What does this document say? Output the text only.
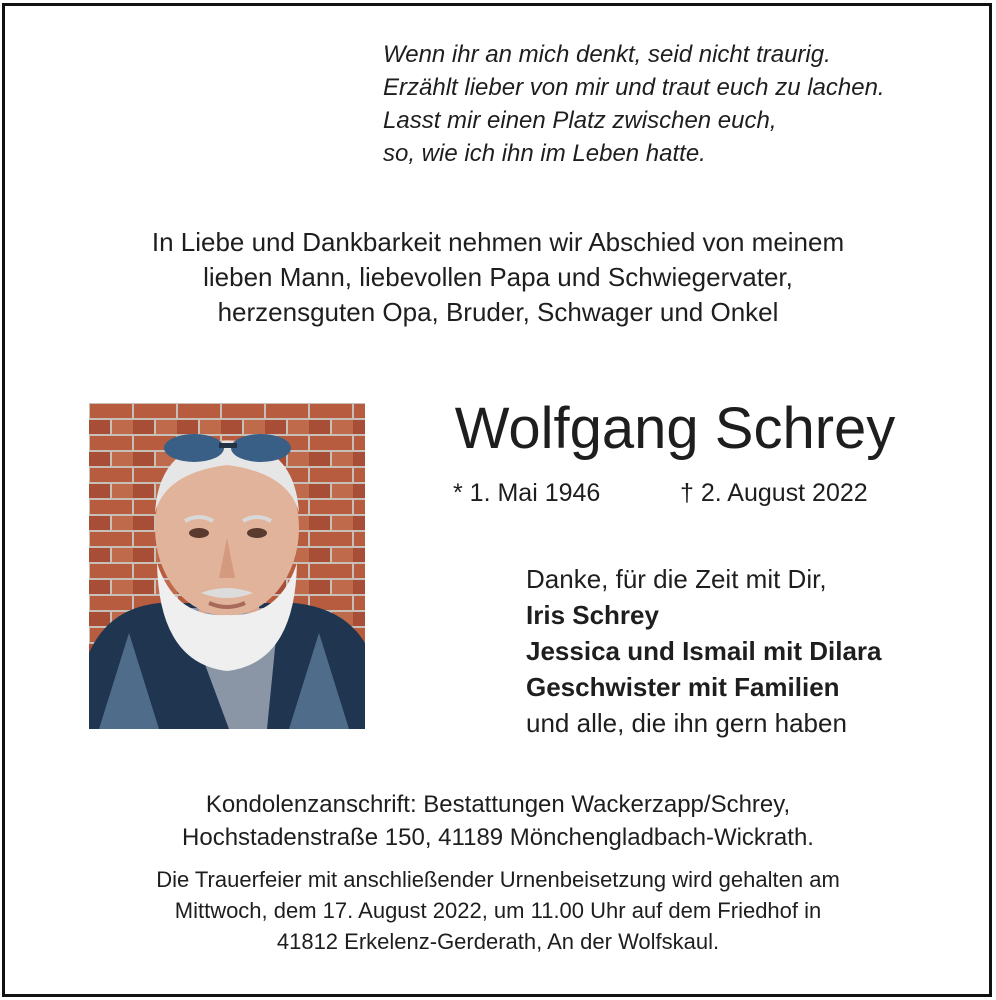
Wenn ihr an mich denkt, seid nicht traurig.
Erzählt lieber von mir und traut euch zu lachen.
Lasst mir einen Platz zwischen euch,
so, wie ich ihn im Leben hatte.
In Liebe und Dankbarkeit nehmen wir Abschied von meinem
lieben Mann, liebevollen Papa und Schwiegervater,
herzensguten Opa, Bruder, Schwager und Onkel
Wolfgang Schrey
* 1. Mai 1946	† 2. August 2022
Danke, für die Zeit mit Dir,
Iris Schrey
Jessica und Ismail mit Dilara
Geschwister mit Familien
und alle, die ihn gern haben
Kondolenzanschrift: Bestattungen Wackerzapp/Schrey,
Hochstadenstraße 150, 41189 Mönchengladbach-Wickrath.
Die Trauerfeier mit anschließender Urnenbeisetzung wird gehalten am
Mittwoch, dem 17. August 2022, um 11.00 Uhr auf dem Friedhof in
41812 Erkelenz-Gerderath, An der Wolfskaul.
